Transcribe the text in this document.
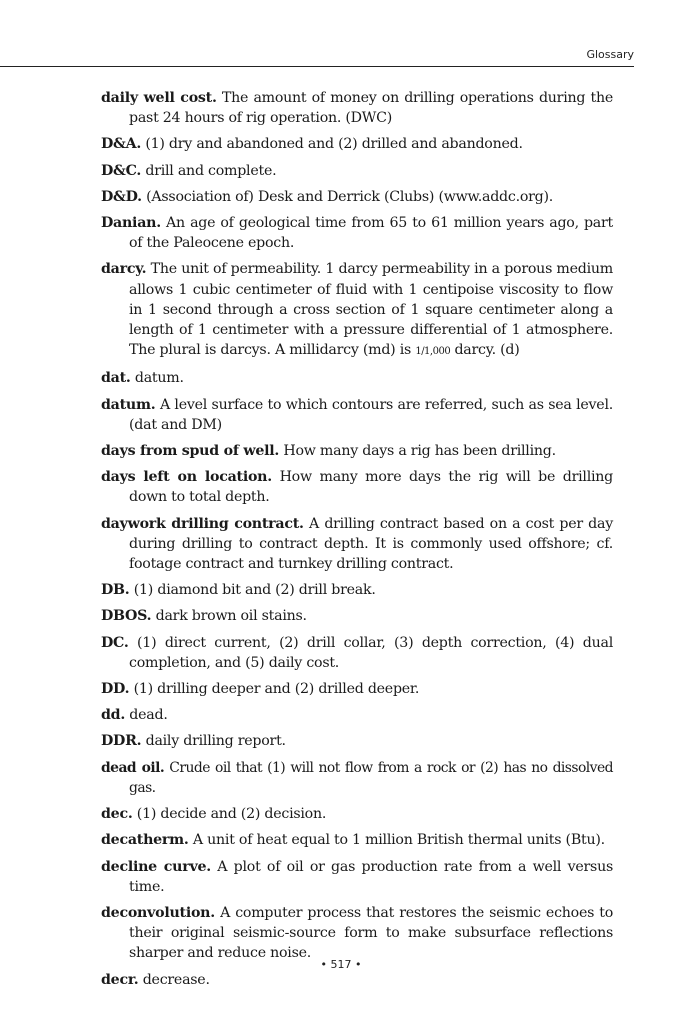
Glossary

daily well cost. The amount of money on drilling operations during the past 24 hours of rig operation. (DWC)

D&A. (1) dry and abandoned and (2) drilled and abandoned.

D&C. drill and complete.

D&D. (Association of) Desk and Derrick (Clubs) (www.addc.org).

Danian. An age of geological time from 65 to 61 million years ago, part of the Paleocene epoch.

darcy. The unit of permeability. 1 darcy permeability in a porous medium allows 1 cubic centimeter of fluid with 1 centipoise viscosity to flow in 1 second through a cross section of 1 square centimeter along a length of 1 centimeter with a pressure differential of 1 atmosphere. The plural is darcys. A millidarcy (md) is 1/1,000 darcy. (d)

dat. datum.

datum. A level surface to which contours are referred, such as sea level. (dat and DM)

days from spud of well. How many days a rig has been drilling.

days left on location. How many more days the rig will be drilling down to total depth.

daywork drilling contract. A drilling contract based on a cost per day during drilling to contract depth. It is commonly used offshore; cf. footage contract and turnkey drilling contract.

DB. (1) diamond bit and (2) drill break.

DBOS. dark brown oil stains.

DC. (1) direct current, (2) drill collar, (3) depth correction, (4) dual completion, and (5) daily cost.

DD. (1) drilling deeper and (2) drilled deeper.

dd. dead.

DDR. daily drilling report.

dead oil. Crude oil that (1) will not flow from a rock or (2) has no dissolved gas.

dec. (1) decide and (2) decision.

decatherm. A unit of heat equal to 1 million British thermal units (Btu).

decline curve. A plot of oil or gas production rate from a well versus time.

deconvolution. A computer process that restores the seismic echoes to their original seismic-source form to make subsurface reflections sharper and reduce noise.

decr. decrease.

• 517 •
